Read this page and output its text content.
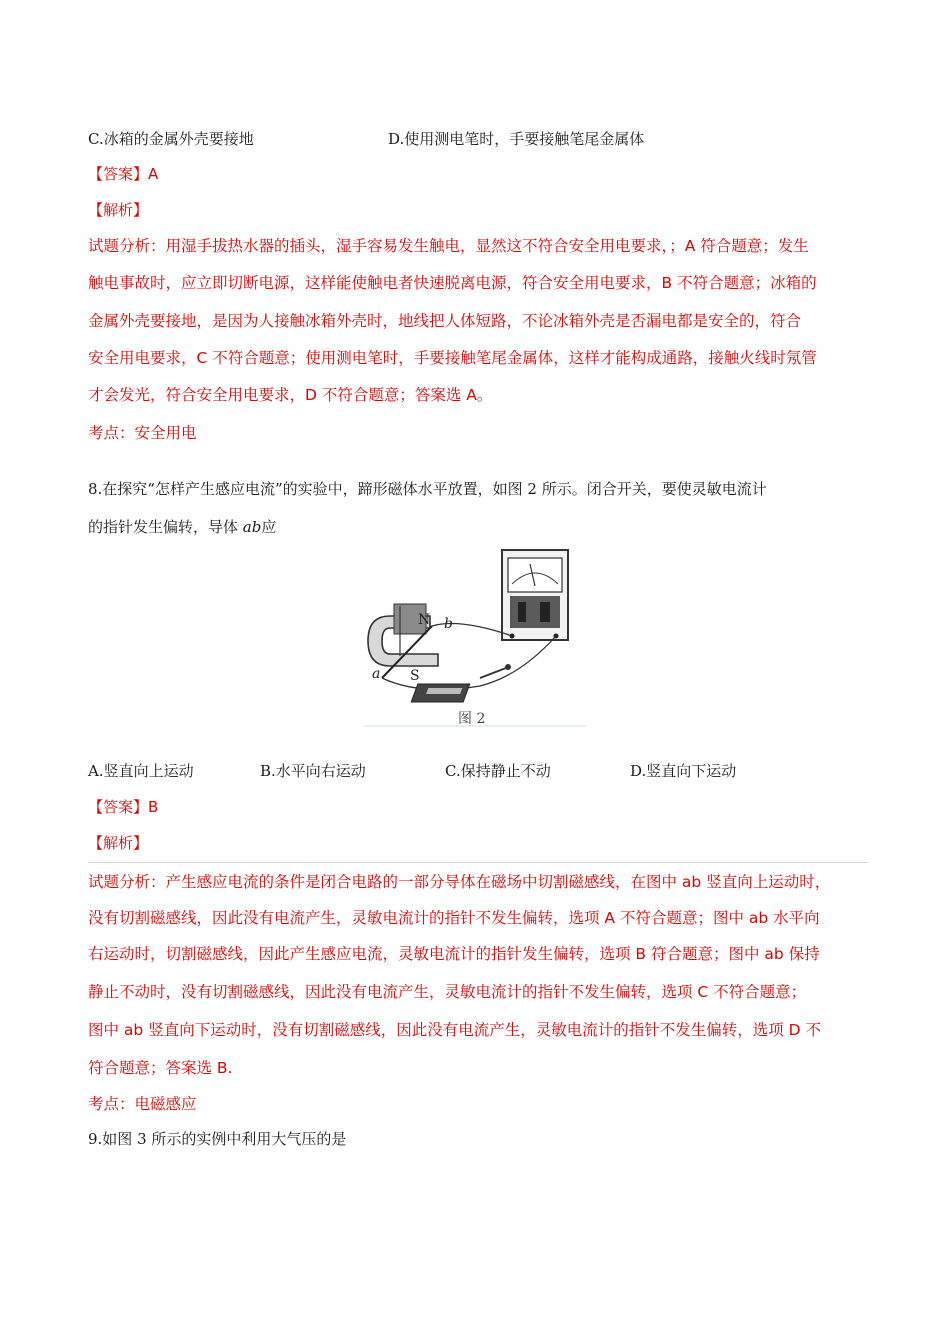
C.冰箱的金属外壳要接地	D.使用测电笔时，手要接触笔尾金属体
【答案】A
【解析】
试题分析：用湿手拔热水器的插头，湿手容易发生触电，显然这不符合安全用电要求，；A 符合题意；发生
触电事故时，应立即切断电源，这样能使触电者快速脱离电源，符合安全用电要求，B 不符合题意；冰箱的
金属外壳要接地，是因为人接触冰箱外壳时，地线把人体短路，不论冰箱外壳是否漏电都是安全的，符合
安全用电要求，C 不符合题意；使用测电笔时，手要接触笔尾金属体，这样才能构成通路，接触火线时氖管
才会发光，符合安全用电要求，D 不符合题意；答案选 A。
考点：安全用电
8.在探究“怎样产生感应电流”的实验中，蹄形磁体水平放置，如图 2 所示。闭合开关，要使灵敏电流计
的指针发生偏转，导体 ab应
N
S
a
b
图 2
A.竖直向上运动	B.水平向右运动	C.保持静止不动	D.竖直向下运动
【答案】B
【解析】
试题分析：产生感应电流的条件是闭合电路的一部分导体在磁场中切割磁感线，在图中 ab 竖直向上运动时，
没有切割磁感线，因此没有电流产生，灵敏电流计的指针不发生偏转，选项 A 不符合题意；图中 ab 水平向
右运动时，切割磁感线，因此产生感应电流，灵敏电流计的指针发生偏转，选项 B 符合题意；图中 ab 保持
静止不动时，没有切割磁感线，因此没有电流产生，灵敏电流计的指针不发生偏转，选项 C 不符合题意；
图中 ab 竖直向下运动时，没有切割磁感线，因此没有电流产生，灵敏电流计的指针不发生偏转，选项 D 不
符合题意；答案选 B.
考点：电磁感应
9.如图 3 所示的实例中利用大气压的是
